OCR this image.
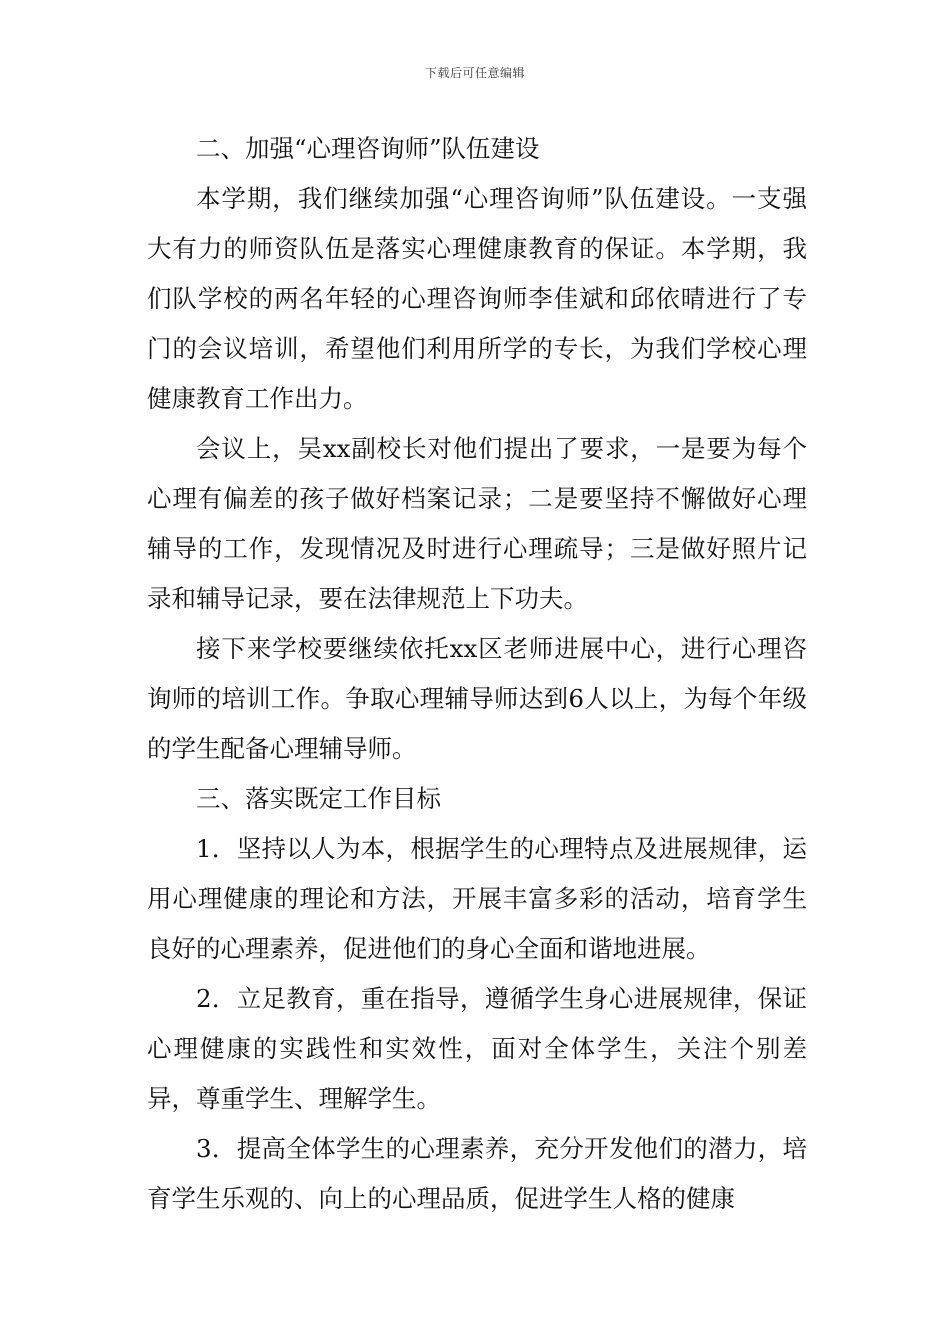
下载后可任意编辑

二、加强“心理咨询师”队伍建设

本学期，我们继续加强“心理咨询师”队伍建设。一支强大有力的师资队伍是落实心理健康教育的保证。本学期，我们队学校的两名年轻的心理咨询师李佳斌和邱依晴进行了专门的会议培训，希望他们利用所学的专长，为我们学校心理健康教育工作出力。

会议上，吴xx副校长对他们提出了要求，一是要为每个心理有偏差的孩子做好档案记录；二是要坚持不懈做好心理辅导的工作，发现情况及时进行心理疏导；三是做好照片记录和辅导记录，要在法律规范上下功夫。

接下来学校要继续依托xx区老师进展中心，进行心理咨询师的培训工作。争取心理辅导师达到6人以上，为每个年级的学生配备心理辅导师。

三、落实既定工作目标

1．坚持以人为本，根据学生的心理特点及进展规律，运用心理健康的理论和方法，开展丰富多彩的活动，培育学生良好的心理素养，促进他们的身心全面和谐地进展。

2．立足教育，重在指导，遵循学生身心进展规律，保证心理健康的实践性和实效性，面对全体学生，关注个别差异，尊重学生、理解学生。

3．提高全体学生的心理素养，充分开发他们的潜力，培育学生乐观的、向上的心理品质，促进学生人格的健康
